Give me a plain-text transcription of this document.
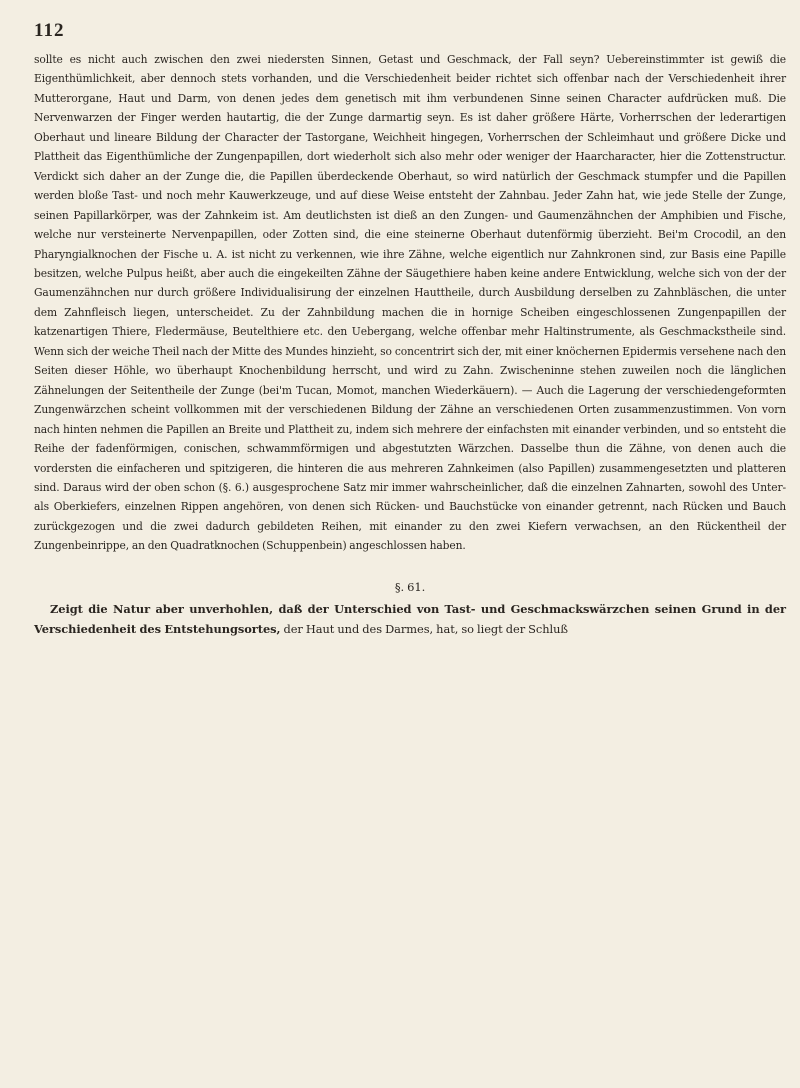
112

sollte es nicht auch zwischen den zwei niedersten Sinnen, Getast und Geschmack, der Fall seyn? Uebereinstimmter ist gewiß die Eigenthümlichkeit, aber dennoch stets vorhanden, und die Verschiedenheit beider richtet sich offenbar nach der Verschiedenheit ihrer Mutterorgane, Haut und Darm, von denen jedes dem genetisch mit ihm verbundenen Sinne seinen Character aufdrücken muß. Die Nervenwarzen der Finger werden hautartig, die der Zunge darmartig seyn. Es ist daher größere Härte, Vorherrschen der lederartigen Oberhaut und lineare Bildung der Character der Tastorgane, Weichheit hingegen, Vorherrschen der Schleimhaut und größere Dicke und Plattheit das Eigenthümliche der Zungenpapillen, dort wiederholt sich also mehr oder weniger der Haarcharacter, hier die Zottenstructur. Verdickt sich daher an der Zunge die, die Papillen überdeckende Oberhaut, so wird natürlich der Geschmack stumpfer und die Papillen werden bloße Tast- und noch mehr Kauwerkzeuge, und auf diese Weise entsteht der Zahnbau. Jeder Zahn hat, wie jede Stelle der Zunge, seinen Papillarkörper, was der Zahnkeim ist. Am deutlichsten ist dieß an den Zungen- und Gaumenzähnchen der Amphibien und Fische, welche nur versteinerte Nervenpapillen, oder Zotten sind, die eine steinerne Oberhaut dutenförmig überzieht. Bei'm Crocodil, an den Pharyngialknochen der Fische u. A. ist nicht zu verkennen, wie ihre Zähne, welche eigentlich nur Zahnkronen sind, zur Basis eine Papille besitzen, welche Pulpus heißt, aber auch die eingekeilten Zähne der Säugethiere haben keine andere Entwicklung, welche sich von der der Gaumenzähnchen nur durch größere Individualisirung der einzelnen Hauttheile, durch Ausbildung derselben zu Zahnbläschen, die unter dem Zahnfleisch liegen, unterscheidet. Zu der Zahnbildung machen die in hornige Scheiben eingeschlossenen Zungenpapillen der katzenartigen Thiere, Fledermäuse, Beutelthiere etc. den Uebergang, welche offenbar mehr Haltinstrumente, als Geschmackstheile sind. Wenn sich der weiche Theil nach der Mitte des Mundes hinzieht, so concentrirt sich der, mit einer knöchernen Epidermis versehene nach den Seiten dieser Höhle, wo überhaupt Knochenbildung herrscht, und wird zu Zahn. Zwischeninne stehen zuweilen noch die länglichen Zähnelungen der Seitentheile der Zunge (bei'm Tucan, Momot, manchen Wiederkäuern). — Auch die Lagerung der verschiedengeformten Zungenwärzchen scheint vollkommen mit der verschiedenen Bildung der Zähne an verschiedenen Orten zusammenzustimmen. Von vorn nach hinten nehmen die Papillen an Breite und Plattheit zu, indem sich mehrere der einfachsten mit einander verbinden, und so entsteht die Reihe der fadenförmigen, conischen, schwammförmigen und abgestutzten Wärzchen. Dasselbe thun die Zähne, von denen auch die vordersten die einfacheren und spitzigeren, die hinteren die aus mehreren Zahnkeimen (also Papillen) zusammengesetzten und platteren sind. Daraus wird der oben schon (§. 6.) ausgesprochene Satz mir immer wahrscheinlicher, daß die einzelnen Zahnarten, sowohl des Unter- als Oberkiefers, einzelnen Rippen angehören, von denen sich Rücken- und Bauchstücke von einander getrennt, nach Rücken und Bauch zurückgezogen und die zwei dadurch gebildeten Reihen, mit einander zu den zwei Kiefern verwachsen, an den Rückentheil der Zungenbeinrippe, an den Quadratknochen (Schuppenbein) angeschlossen haben.

§. 61.

Zeigt die Natur aber unverhohlen, daß der Unterschied von Tast- und Geschmackswärzchen seinen Grund in der Verschiedenheit des Entstehungsortes, der Haut und des Darmes, hat, so liegt der Schluß
